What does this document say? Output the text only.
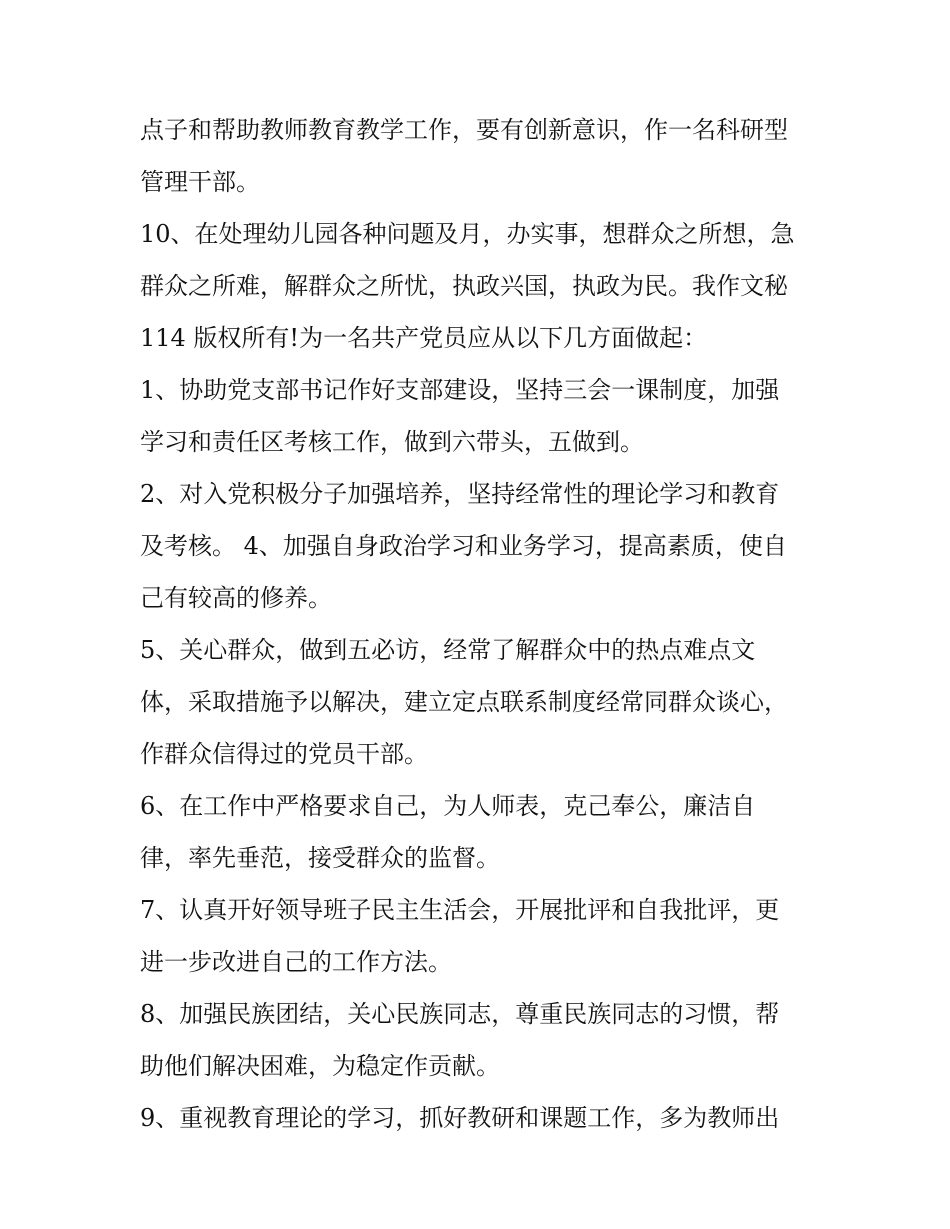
点子和帮助教师教育教学工作，要有创新意识，作一名科研型
管理干部。
10、在处理幼儿园各种问题及月，办实事，想群众之所想，急
群众之所难，解群众之所忧，执政兴国，执政为民。我作文秘
114 版权所有!为一名共产党员应从以下几方面做起：
1、协助党支部书记作好支部建设，坚持三会一课制度，加强
学习和责任区考核工作，做到六带头，五做到。
2、对入党积极分子加强培养，坚持经常性的理论学习和教育
及考核。 4、加强自身政治学习和业务学习，提高素质，使自
己有较高的修养。
5、关心群众，做到五必访，经常了解群众中的热点难点文
体，采取措施予以解决，建立定点联系制度经常同群众谈心，
作群众信得过的党员干部。
6、在工作中严格要求自己，为人师表，克己奉公，廉洁自
律，率先垂范，接受群众的监督。
7、认真开好领导班子民主生活会，开展批评和自我批评，更
进一步改进自己的工作方法。
8、加强民族团结，关心民族同志，尊重民族同志的习惯，帮
助他们解决困难，为稳定作贡献。
9、重视教育理论的学习，抓好教研和课题工作，多为教师出
